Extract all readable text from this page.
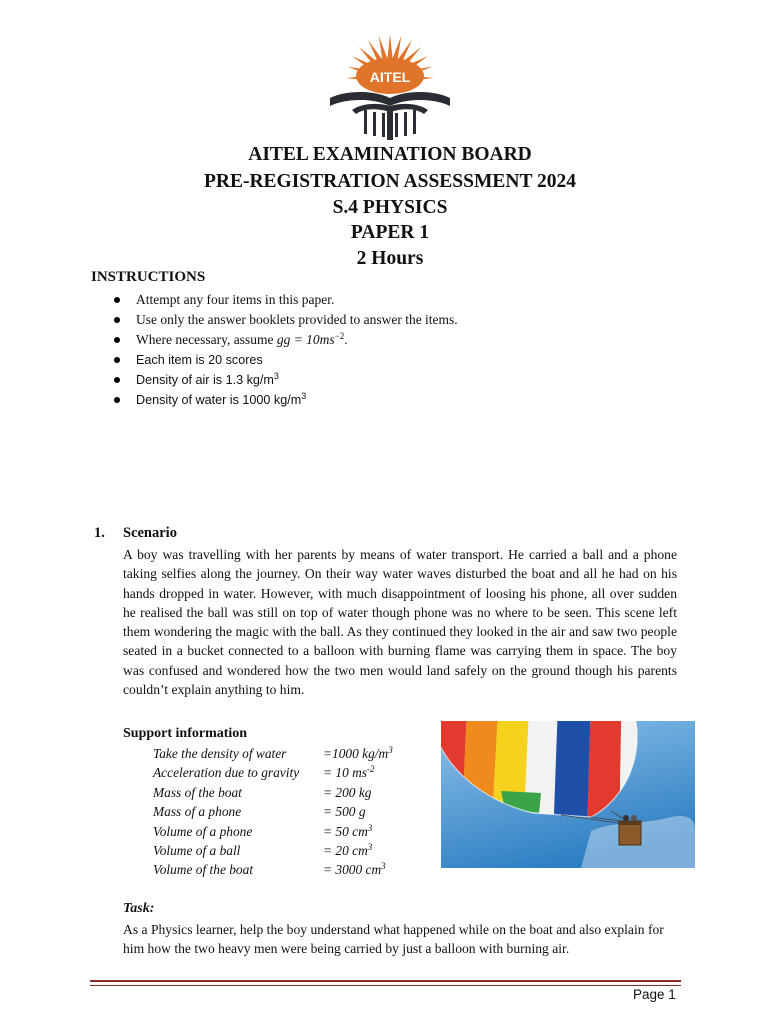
AITEL
AITEL EXAMINATION BOARD
PRE-REGISTRATION ASSESSMENT 2024
S.4 PHYSICS
PAPER 1
2 Hours
INSTRUCTIONS
Attempt any four items in this paper.
Use only the answer booklets provided to answer the items.
Where necessary, assume gg = $10ms^{-2}$.
Each item is 20 scores
Density of air is 1.3 $kg/m^3$
Density of water is 1000 $kg/m^3$

1. Scenario

A boy was travelling with her parents by means of water transport. He carried a ball and a phone taking selfies along the journey. On their way water waves disturbed the boat and all he had on his hands dropped in water. However, with much disappointment of loosing his phone, all over sudden he realised the ball was still on top of water though phone was no where to be seen. This scene left them wondering the magic with the ball. As they continued they looked in the air and saw two people seated in a bucket connected to a balloon with burning flame was carrying them in space. The boy was confused and wondered how the two men would land safely on the ground though his parents couldn’t explain anything to him.

Support information

Take the density of water	=1000 $kg/m^3$
Acceleration due to gravity = 10 $ms^{-2}$
Mass of the boat	= 200 kg
Mass of a phone	= 500 g
Volume of a phone	= 50 $cm^3$
Volume of a ball	= 20 $cm^3$
Volume of the boat	= 3000 $cm^3$

Task:

As a Physics learner, help the boy understand what happened while on the boat and also explain for him how the two heavy men were being carried by just a balloon with burning air.

Page 1
